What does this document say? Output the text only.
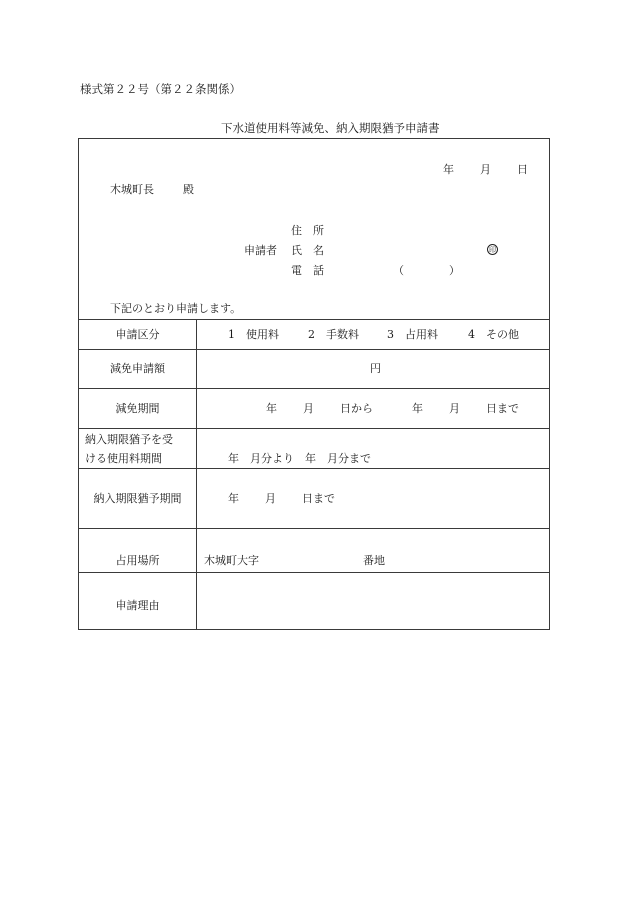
様式第２２号（第２２条関係）
下水道使用料等減免、納入期限猶予申請書
年 月 日
木城町長	殿
住　所
申請者 氏　名	印
電　話	（	）
下記のとおり申請します。
申請区分	1　使用料	2　手数料	3　占用料	4　その他
減免申請額	円
減免期間	年 月 日から	年 月 日まで
納入期限猶予を受
ける使用料期間	年　月分より　年　月分まで
納入期限猶予期間	年 月 日まで
占用場所	木城町大字	番地
申請理由
